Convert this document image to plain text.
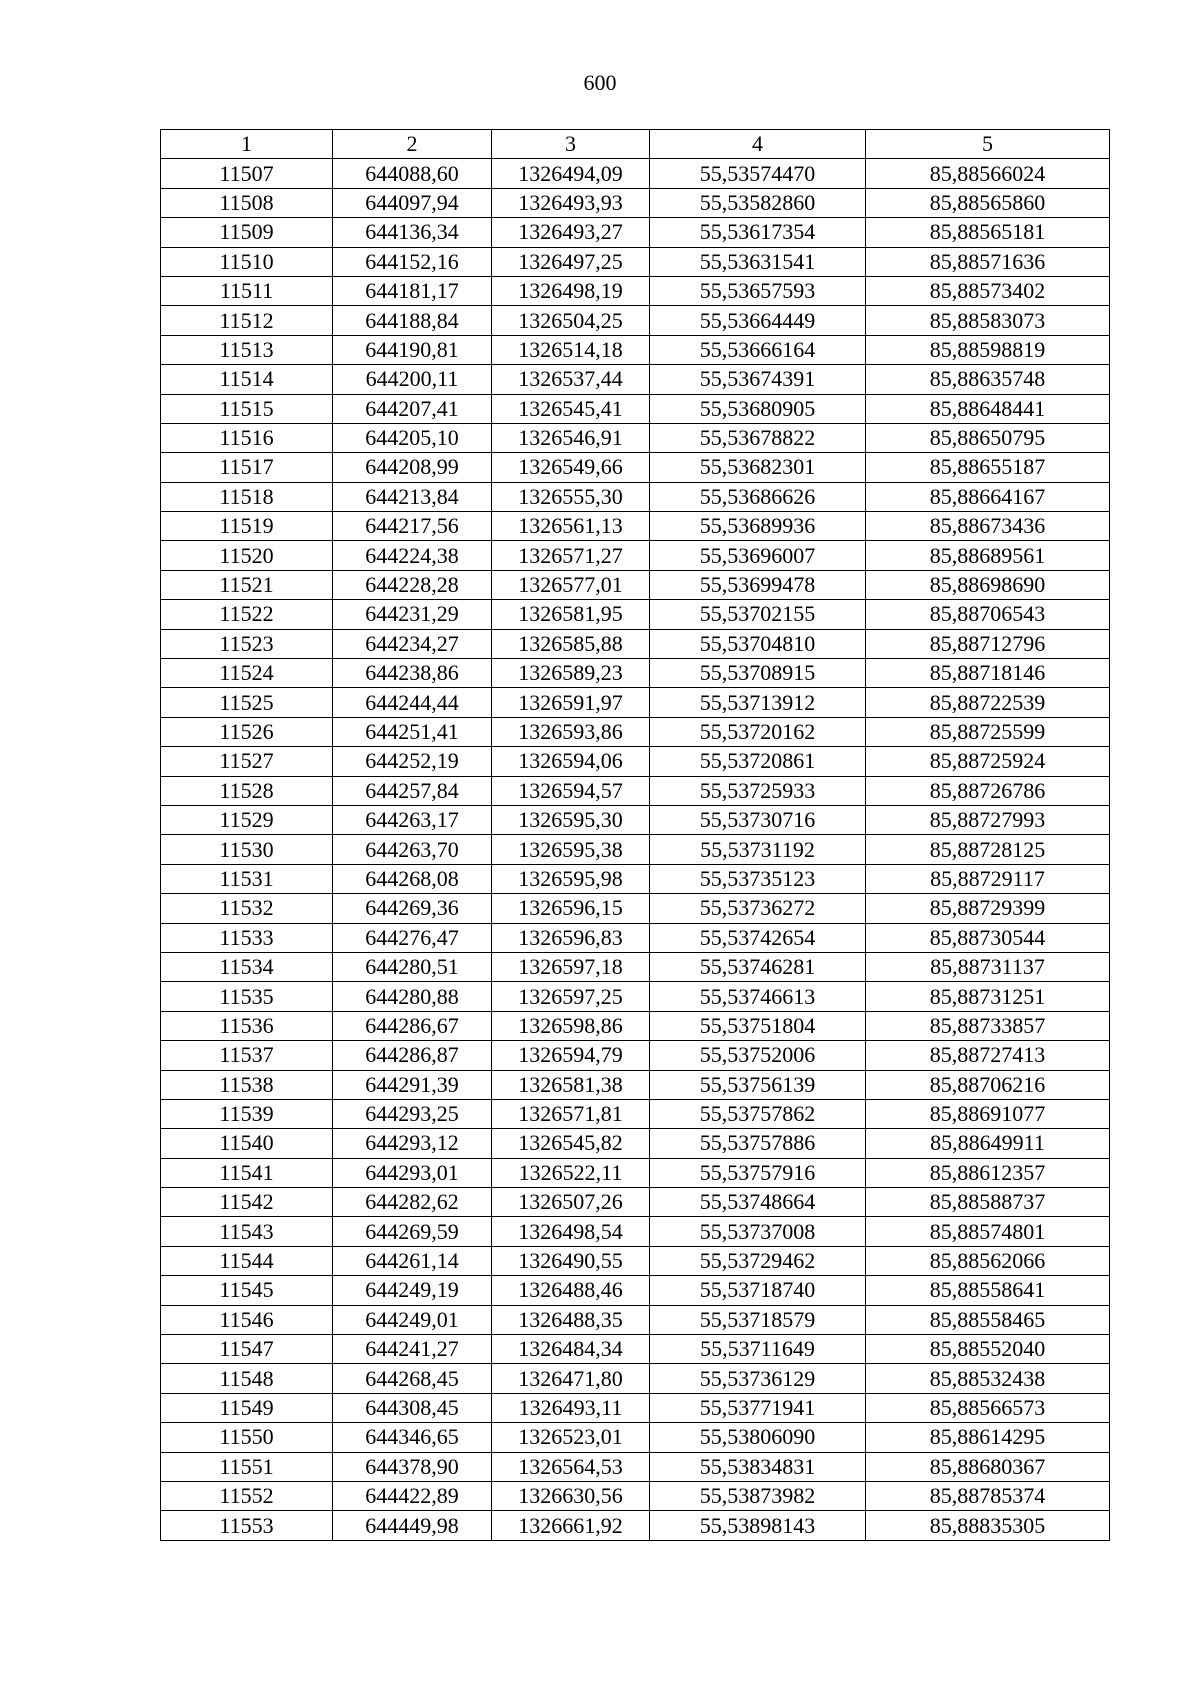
600
1	2	3	4	5
11507	644088,60	1326494,09	55,53574470	85,88566024
11508	644097,94	1326493,93	55,53582860	85,88565860
11509	644136,34	1326493,27	55,53617354	85,88565181
11510	644152,16	1326497,25	55,53631541	85,88571636
11511	644181,17	1326498,19	55,53657593	85,88573402
11512	644188,84	1326504,25	55,53664449	85,88583073
11513	644190,81	1326514,18	55,53666164	85,88598819
11514	644200,11	1326537,44	55,53674391	85,88635748
11515	644207,41	1326545,41	55,53680905	85,88648441
11516	644205,10	1326546,91	55,53678822	85,88650795
11517	644208,99	1326549,66	55,53682301	85,88655187
11518	644213,84	1326555,30	55,53686626	85,88664167
11519	644217,56	1326561,13	55,53689936	85,88673436
11520	644224,38	1326571,27	55,53696007	85,88689561
11521	644228,28	1326577,01	55,53699478	85,88698690
11522	644231,29	1326581,95	55,53702155	85,88706543
11523	644234,27	1326585,88	55,53704810	85,88712796
11524	644238,86	1326589,23	55,53708915	85,88718146
11525	644244,44	1326591,97	55,53713912	85,88722539
11526	644251,41	1326593,86	55,53720162	85,88725599
11527	644252,19	1326594,06	55,53720861	85,88725924
11528	644257,84	1326594,57	55,53725933	85,88726786
11529	644263,17	1326595,30	55,53730716	85,88727993
11530	644263,70	1326595,38	55,53731192	85,88728125
11531	644268,08	1326595,98	55,53735123	85,88729117
11532	644269,36	1326596,15	55,53736272	85,88729399
11533	644276,47	1326596,83	55,53742654	85,88730544
11534	644280,51	1326597,18	55,53746281	85,88731137
11535	644280,88	1326597,25	55,53746613	85,88731251
11536	644286,67	1326598,86	55,53751804	85,88733857
11537	644286,87	1326594,79	55,53752006	85,88727413
11538	644291,39	1326581,38	55,53756139	85,88706216
11539	644293,25	1326571,81	55,53757862	85,88691077
11540	644293,12	1326545,82	55,53757886	85,88649911
11541	644293,01	1326522,11	55,53757916	85,88612357
11542	644282,62	1326507,26	55,53748664	85,88588737
11543	644269,59	1326498,54	55,53737008	85,88574801
11544	644261,14	1326490,55	55,53729462	85,88562066
11545	644249,19	1326488,46	55,53718740	85,88558641
11546	644249,01	1326488,35	55,53718579	85,88558465
11547	644241,27	1326484,34	55,53711649	85,88552040
11548	644268,45	1326471,80	55,53736129	85,88532438
11549	644308,45	1326493,11	55,53771941	85,88566573
11550	644346,65	1326523,01	55,53806090	85,88614295
11551	644378,90	1326564,53	55,53834831	85,88680367
11552	644422,89	1326630,56	55,53873982	85,88785374
11553	644449,98	1326661,92	55,53898143	85,88835305
